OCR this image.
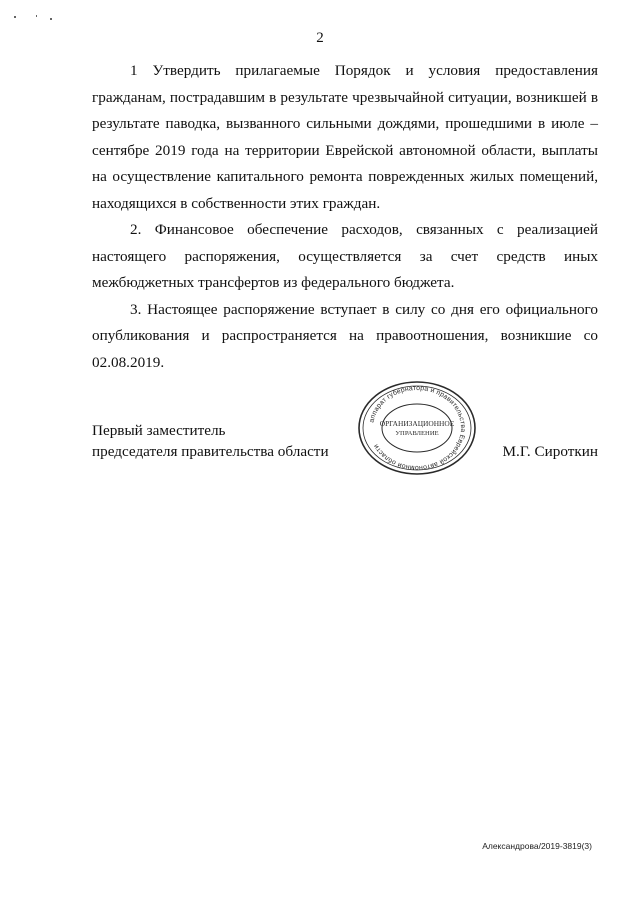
2

1 Утвердить прилагаемые Порядок и условия предоставления гражданам, пострадавшим в результате чрезвычайной ситуации, возникшей в результате паводка, вызванного сильными дождями, прошедшими в июле – сентябре 2019 года на территории Еврейской автономной области, выплаты на осуществление капитального ремонта поврежденных жилых помещений, находящихся в собственности этих граждан.

2. Финансовое обеспечение расходов, связанных с реализацией настоящего распоряжения, осуществляется за счет средств иных межбюджетных трансфертов из федерального бюджета.

3. Настоящее распоряжение вступает в силу со дня его официального опубликования и распространяется на правоотношения, возникшие со 02.08.2019.

Первый заместитель
председателя правительства области	М.Г. Сироткин
аппарат губернатора и правительства Еврейской автономной области
ОРГАНИЗАЦИОННОЕ
УПРАВЛЕНИЕ
Александрова/2019-3819(3)
